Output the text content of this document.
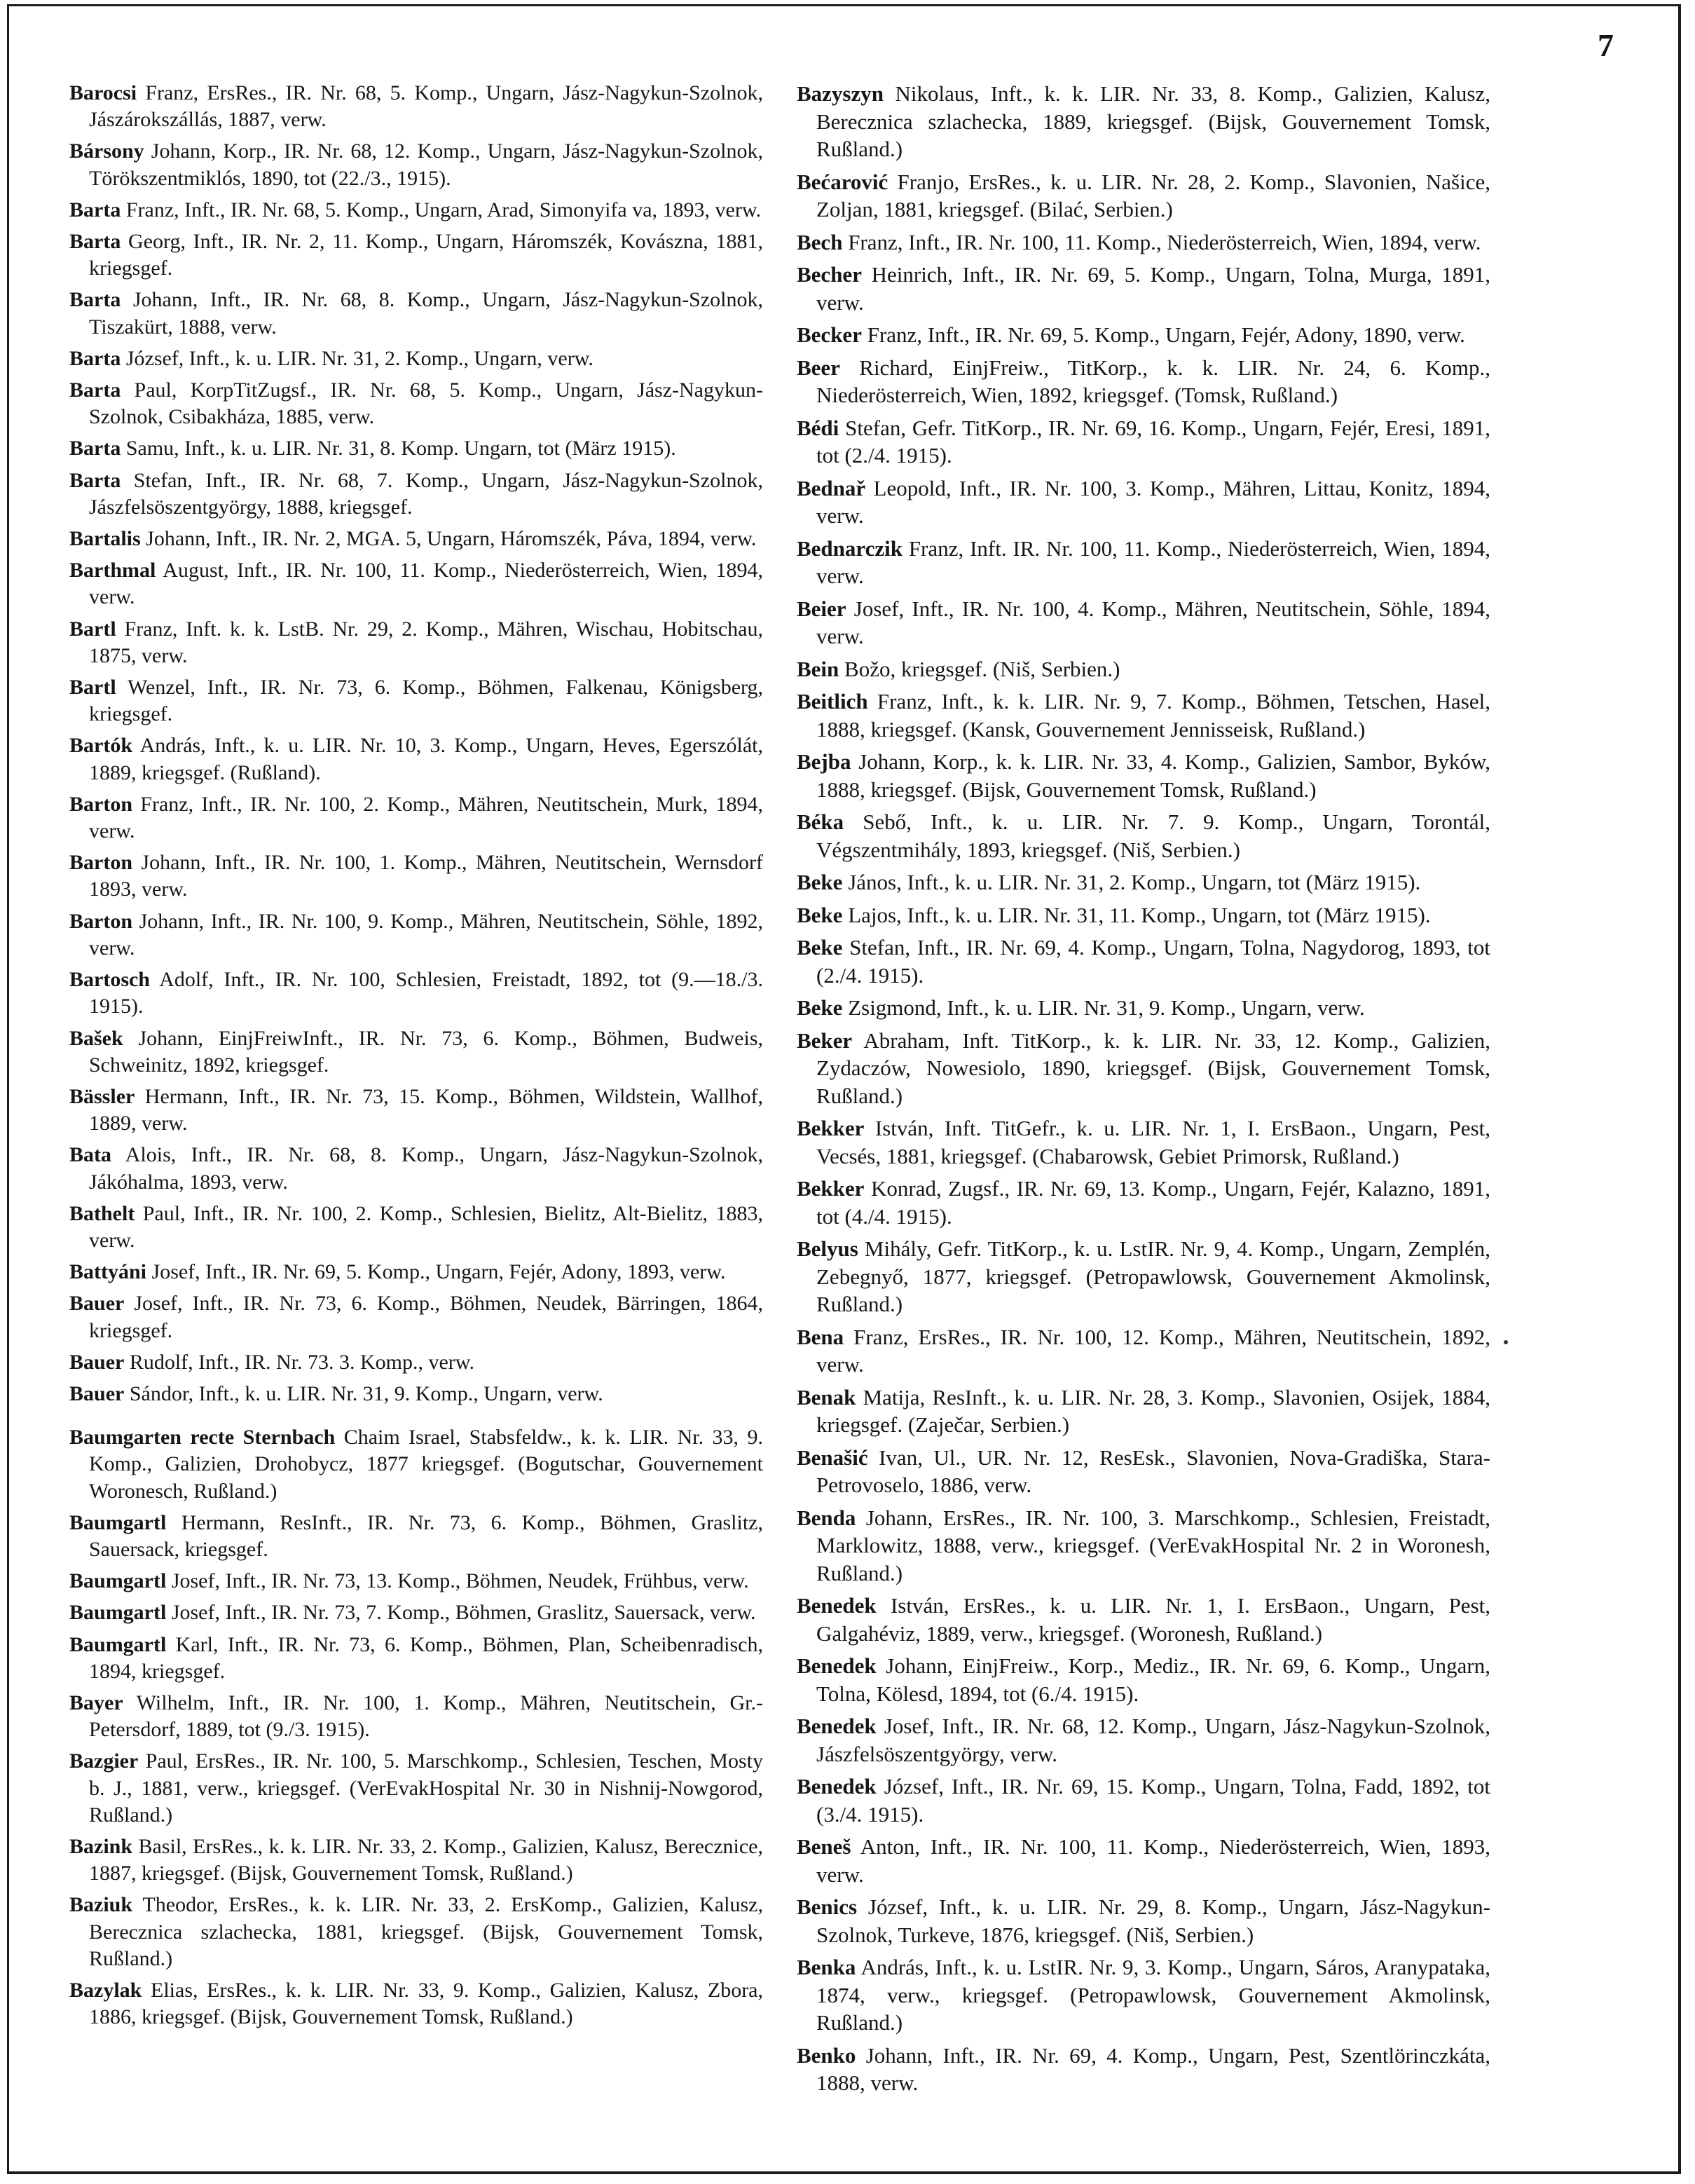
7

Barocsi Franz, ErsRes., IR. Nr. 68, 5. Komp., Ungarn, Jász-Nagykun-Szolnok, Jászárokszállás, 1887, verw.

Bársony Johann, Korp., IR. Nr. 68, 12. Komp., Ungarn, Jász-Nagykun-Szolnok, Törökszentmiklós, 1890, tot (22./3., 1915).

Barta Franz, Inft., IR. Nr. 68, 5. Komp., Ungarn, Arad, Simonyifa va, 1893, verw.

Barta Georg, Inft., IR. Nr. 2, 11. Komp., Ungarn, Háromszék, Kovászna, 1881, kriegsgef.

Barta Johann, Inft., IR. Nr. 68, 8. Komp., Ungarn, Jász-Nagykun-Szolnok, Tiszakürt, 1888, verw.

Barta József, Inft., k. u. LIR. Nr. 31, 2. Komp., Ungarn, verw.

Barta Paul, KorpTitZugsf., IR. Nr. 68, 5. Komp., Ungarn, Jász-Nagykun-Szolnok, Csibakháza, 1885, verw.

Barta Samu, Inft., k. u. LIR. Nr. 31, 8. Komp. Ungarn, tot (März 1915).

Barta Stefan, Inft., IR. Nr. 68, 7. Komp., Ungarn, Jász-Nagykun-Szolnok, Jászfelsöszentgyörgy, 1888, kriegsgef.

Bartalis Johann, Inft., IR. Nr. 2, MGA. 5, Ungarn, Háromszék, Páva, 1894, verw.

Barthmal August, Inft., IR. Nr. 100, 11. Komp., Niederösterreich, Wien, 1894, verw.

Bartl Franz, Inft. k. k. LstB. Nr. 29, 2. Komp., Mähren, Wischau, Hobitschau, 1875, verw.

Bartl Wenzel, Inft., IR. Nr. 73, 6. Komp., Böhmen, Falkenau, Königsberg, kriegsgef.

Bartók András, Inft., k. u. LIR. Nr. 10, 3. Komp., Ungarn, Heves, Egerszólát, 1889, kriegsgef. (Rußland).

Barton Franz, Inft., IR. Nr. 100, 2. Komp., Mähren, Neutitschein, Murk, 1894, verw.

Barton Johann, Inft., IR. Nr. 100, 1. Komp., Mähren, Neutitschein, Wernsdorf 1893, verw.

Barton Johann, Inft., IR. Nr. 100, 9. Komp., Mähren, Neutitschein, Söhle, 1892, verw.

Bartosch Adolf, Inft., IR. Nr. 100, Schlesien, Freistadt, 1892, tot (9.—18./3. 1915).

Bašek Johann, EinjFreiwInft., IR. Nr. 73, 6. Komp., Böhmen, Budweis, Schweinitz, 1892, kriegsgef.

Bässler Hermann, Inft., IR. Nr. 73, 15. Komp., Böhmen, Wildstein, Wallhof, 1889, verw.

Bata Alois, Inft., IR. Nr. 68, 8. Komp., Ungarn, Jász-Nagykun-Szolnok, Jákóhalma, 1893, verw.

Bathelt Paul, Inft., IR. Nr. 100, 2. Komp., Schlesien, Bielitz, Alt-Bielitz, 1883, verw.

Battyáni Josef, Inft., IR. Nr. 69, 5. Komp., Ungarn, Fejér, Adony, 1893, verw.

Bauer Josef, Inft., IR. Nr. 73, 6. Komp., Böhmen, Neudek, Bärringen, 1864, kriegsgef.

Bauer Rudolf, Inft., IR. Nr. 73. 3. Komp., verw.

Bauer Sándor, Inft., k. u. LIR. Nr. 31, 9. Komp., Ungarn, verw.

Baumgarten recte Sternbach Chaim Israel, Stabsfeldw., k. k. LIR. Nr. 33, 9. Komp., Galizien, Drohobycz, 1877 kriegsgef. (Bogutschar, Gouvernement Woronesch, Rußland.)

Baumgartl Hermann, ResInft., IR. Nr. 73, 6. Komp., Böhmen, Graslitz, Sauersack, kriegsgef.

Baumgartl Josef, Inft., IR. Nr. 73, 13. Komp., Böhmen, Neudek, Frühbus, verw.

Baumgartl Josef, Inft., IR. Nr. 73, 7. Komp., Böhmen, Graslitz, Sauersack, verw.

Baumgartl Karl, Inft., IR. Nr. 73, 6. Komp., Böhmen, Plan, Scheibenradisch, 1894, kriegsgef.

Bayer Wilhelm, Inft., IR. Nr. 100, 1. Komp., Mähren, Neutitschein, Gr.-Petersdorf, 1889, tot (9./3. 1915).

Bazgier Paul, ErsRes., IR. Nr. 100, 5. Marschkomp., Schlesien, Teschen, Mosty b. J., 1881, verw., kriegsgef. (VerEvakHospital Nr. 30 in Nishnij-Nowgorod, Rußland.)

Bazink Basil, ErsRes., k. k. LIR. Nr. 33, 2. Komp., Galizien, Kalusz, Berecznice, 1887, kriegsgef. (Bijsk, Gouvernement Tomsk, Rußland.)

Baziuk Theodor, ErsRes., k. k. LIR. Nr. 33, 2. ErsKomp., Galizien, Kalusz, Berecznica szlachecka, 1881, kriegsgef. (Bijsk, Gouvernement Tomsk, Rußland.)

Bazylak Elias, ErsRes., k. k. LIR. Nr. 33, 9. Komp., Galizien, Kalusz, Zbora, 1886, kriegsgef. (Bijsk, Gouvernement Tomsk, Rußland.)

Bazyszyn Nikolaus, Inft., k. k. LIR. Nr. 33, 8. Komp., Galizien, Kalusz, Berecznica szlachecka, 1889, kriegsgef. (Bijsk, Gouvernement Tomsk, Rußland.)

Bećarović Franjo, ErsRes., k. u. LIR. Nr. 28, 2. Komp., Slavonien, Našice, Zoljan, 1881, kriegsgef. (Bilać, Serbien.)

Bech Franz, Inft., IR. Nr. 100, 11. Komp., Niederösterreich, Wien, 1894, verw.

Becher Heinrich, Inft., IR. Nr. 69, 5. Komp., Ungarn, Tolna, Murga, 1891, verw.

Becker Franz, Inft., IR. Nr. 69, 5. Komp., Ungarn, Fejér, Adony, 1890, verw.

Beer Richard, EinjFreiw., TitKorp., k. k. LIR. Nr. 24, 6. Komp., Niederösterreich, Wien, 1892, kriegsgef. (Tomsk, Rußland.)

Bédi Stefan, Gefr. TitKorp., IR. Nr. 69, 16. Komp., Ungarn, Fejér, Eresi, 1891, tot (2./4. 1915).

Bednař Leopold, Inft., IR. Nr. 100, 3. Komp., Mähren, Littau, Konitz, 1894, verw.

Bednarczik Franz, Inft. IR. Nr. 100, 11. Komp., Niederösterreich, Wien, 1894, verw.

Beier Josef, Inft., IR. Nr. 100, 4. Komp., Mähren, Neutitschein, Söhle, 1894, verw.

Bein Božo, kriegsgef. (Niš, Serbien.)

Beitlich Franz, Inft., k. k. LIR. Nr. 9, 7. Komp., Böhmen, Tetschen, Hasel, 1888, kriegsgef. (Kansk, Gouvernement Jennisseisk, Rußland.)

Bejba Johann, Korp., k. k. LIR. Nr. 33, 4. Komp., Galizien, Sambor, Byków, 1888, kriegsgef. (Bijsk, Gouvernement Tomsk, Rußland.)

Béka Sebő, Inft., k. u. LIR. Nr. 7. 9. Komp., Ungarn, Torontál, Végszentmihály, 1893, kriegsgef. (Niš, Serbien.)

Beke János, Inft., k. u. LIR. Nr. 31, 2. Komp., Ungarn, tot (März 1915).

Beke Lajos, Inft., k. u. LIR. Nr. 31, 11. Komp., Ungarn, tot (März 1915).

Beke Stefan, Inft., IR. Nr. 69, 4. Komp., Ungarn, Tolna, Nagydorog, 1893, tot (2./4. 1915).

Beke Zsigmond, Inft., k. u. LIR. Nr. 31, 9. Komp., Ungarn, verw.

Beker Abraham, Inft. TitKorp., k. k. LIR. Nr. 33, 12. Komp., Galizien, Zydaczów, Nowesiolo, 1890, kriegsgef. (Bijsk, Gouvernement Tomsk, Rußland.)

Bekker István, Inft. TitGefr., k. u. LIR. Nr. 1, I. ErsBaon., Ungarn, Pest, Vecsés, 1881, kriegsgef. (Chabarowsk, Gebiet Primorsk, Rußland.)

Bekker Konrad, Zugsf., IR. Nr. 69, 13. Komp., Ungarn, Fejér, Kalazno, 1891, tot (4./4. 1915).

Belyus Mihály, Gefr. TitKorp., k. u. LstIR. Nr. 9, 4. Komp., Ungarn, Zemplén, Zebegnyő, 1877, kriegsgef. (Petropawlowsk, Gouvernement Akmolinsk, Rußland.)

Bena Franz, ErsRes., IR. Nr. 100, 12. Komp., Mähren, Neutitschein, 1892, verw.

Benak Matija, ResInft., k. u. LIR. Nr. 28, 3. Komp., Slavonien, Osijek, 1884, kriegsgef. (Zaječar, Serbien.)

Benašić Ivan, Ul., UR. Nr. 12, ResEsk., Slavonien, Nova-Gradiška, Stara-Petrovoselo, 1886, verw.

Benda Johann, ErsRes., IR. Nr. 100, 3. Marschkomp., Schlesien, Freistadt, Marklowitz, 1888, verw., kriegsgef. (VerEvakHospital Nr. 2 in Woronesh, Rußland.)

Benedek István, ErsRes., k. u. LIR. Nr. 1, I. ErsBaon., Ungarn, Pest, Galgahéviz, 1889, verw., kriegsgef. (Woronesh, Rußland.)

Benedek Johann, EinjFreiw., Korp., Mediz., IR. Nr. 69, 6. Komp., Ungarn, Tolna, Kölesd, 1894, tot (6./4. 1915).

Benedek Josef, Inft., IR. Nr. 68, 12. Komp., Ungarn, Jász-Nagykun-Szolnok, Jászfelsöszentgyörgy, verw.

Benedek József, Inft., IR. Nr. 69, 15. Komp., Ungarn, Tolna, Fadd, 1892, tot (3./4. 1915).

Beneš Anton, Inft., IR. Nr. 100, 11. Komp., Niederösterreich, Wien, 1893, verw.

Benics József, Inft., k. u. LIR. Nr. 29, 8. Komp., Ungarn, Jász-Nagykun-Szolnok, Turkeve, 1876, kriegsgef. (Niš, Serbien.)

Benka András, Inft., k. u. LstIR. Nr. 9, 3. Komp., Ungarn, Sáros, Aranypataka, 1874, verw., kriegsgef. (Petropawlowsk, Gouvernement Akmolinsk, Rußland.)

Benko Johann, Inft., IR. Nr. 69, 4. Komp., Ungarn, Pest, Szentlörinczkáta, 1888, verw.
